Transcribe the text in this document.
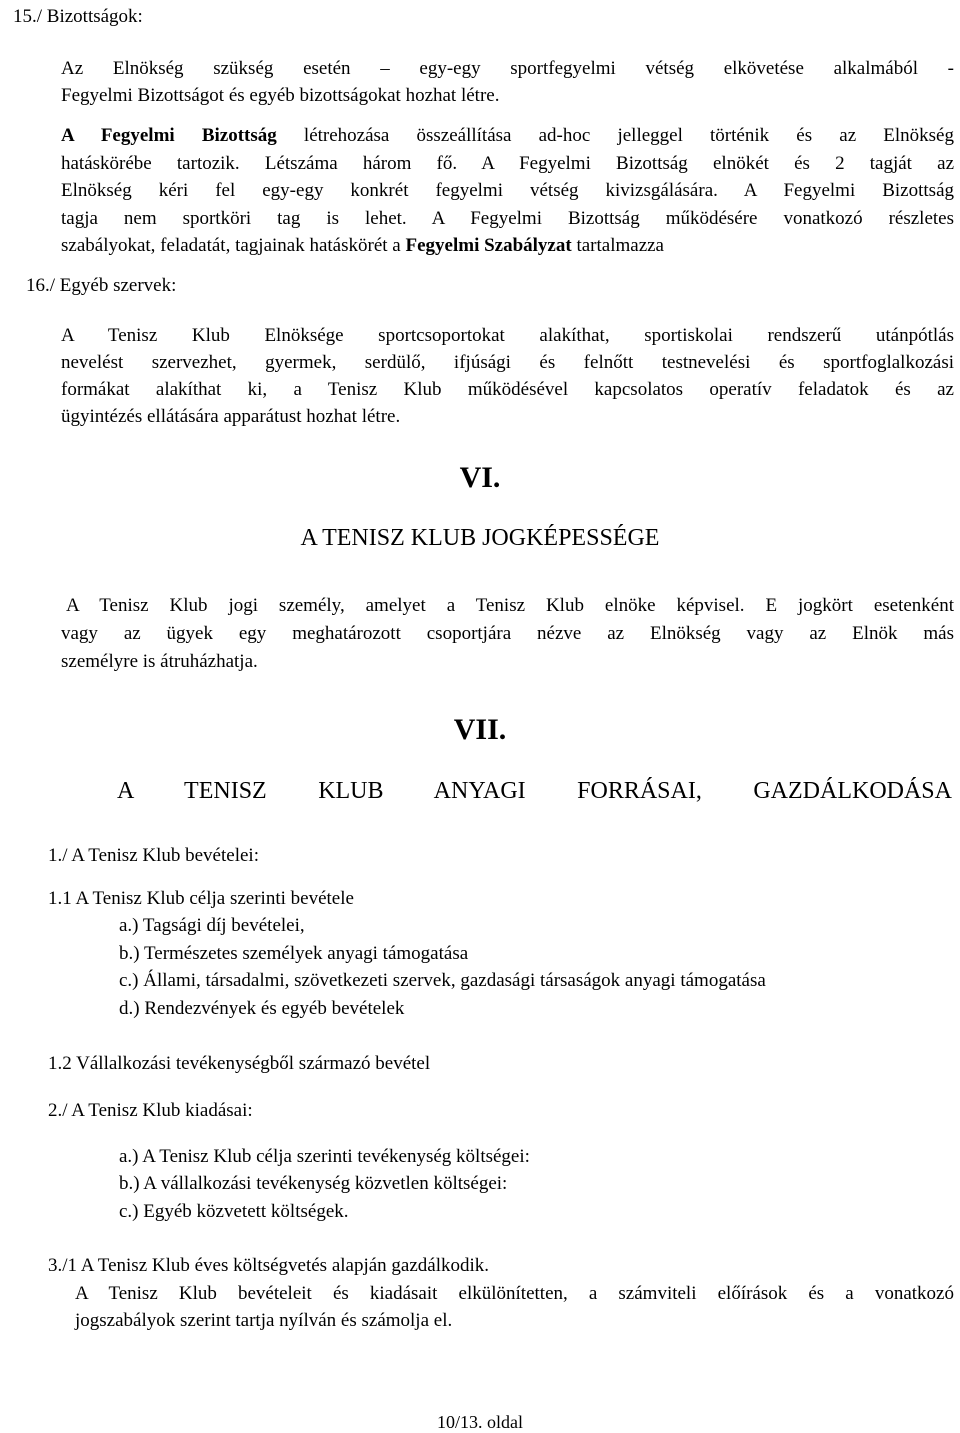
15./ Bizottságok:
Az Elnökség szükség esetén – egy-egy sportfegyelmi vétség elkövetése alkalmából -
Fegyelmi Bizottságot és egyéb bizottságokat hozhat létre.
A Fegyelmi Bizottság létrehozása összeállítása ad-hoc jelleggel történik és az Elnökség
hatáskörébe tartozik. Létszáma három fő. A Fegyelmi Bizottság elnökét és 2 tagját az
Elnökség kéri fel egy-egy konkrét fegyelmi vétség kivizsgálására. A Fegyelmi Bizottság
tagja nem sportköri tag is lehet. A Fegyelmi Bizottság működésére vonatkozó részletes
szabályokat, feladatát, tagjainak hatáskörét a Fegyelmi Szabályzat tartalmazza
16./ Egyéb szervek:
A Tenisz Klub Elnöksége sportcsoportokat alakíthat, sportiskolai rendszerű utánpótlás
nevelést szervezhet, gyermek, serdülő, ifjúsági és felnőtt testnevelési és sportfoglalkozási
formákat alakíthat ki, a Tenisz Klub működésével kapcsolatos operatív feladatok és az
ügyintézés ellátására apparátust hozhat létre.
VI.
A TENISZ KLUB JOGKÉPESSÉGE
A Tenisz Klub jogi személy, amelyet a Tenisz Klub elnöke képvisel. E jogkört esetenként
vagy az ügyek egy meghatározott csoportjára nézve az Elnökség vagy az Elnök más
személyre is átruházhatja.
VII.
A TENISZ KLUB ANYAGI FORRÁSAI, GAZDÁLKODÁSA
1./ A Tenisz Klub bevételei:
1.1 A Tenisz Klub célja szerinti bevétele
a.) Tagsági díj bevételei,
b.) Természetes személyek anyagi támogatása
c.) Állami, társadalmi, szövetkezeti szervek, gazdasági társaságok anyagi támogatása
d.) Rendezvények és egyéb bevételek
1.2 Vállalkozási tevékenységből származó bevétel
2./ A Tenisz Klub kiadásai:
a.) A Tenisz Klub célja szerinti tevékenység költségei:
b.) A vállalkozási tevékenység közvetlen költségei:
c.) Egyéb közvetett költségek.
3./1 A Tenisz Klub éves költségvetés alapján gazdálkodik.
A Tenisz Klub bevételeit és kiadásait elkülönítetten, a számviteli előírások és a vonatkozó
jogszabályok szerint tartja nyílván és számolja el.
10/13. oldal
